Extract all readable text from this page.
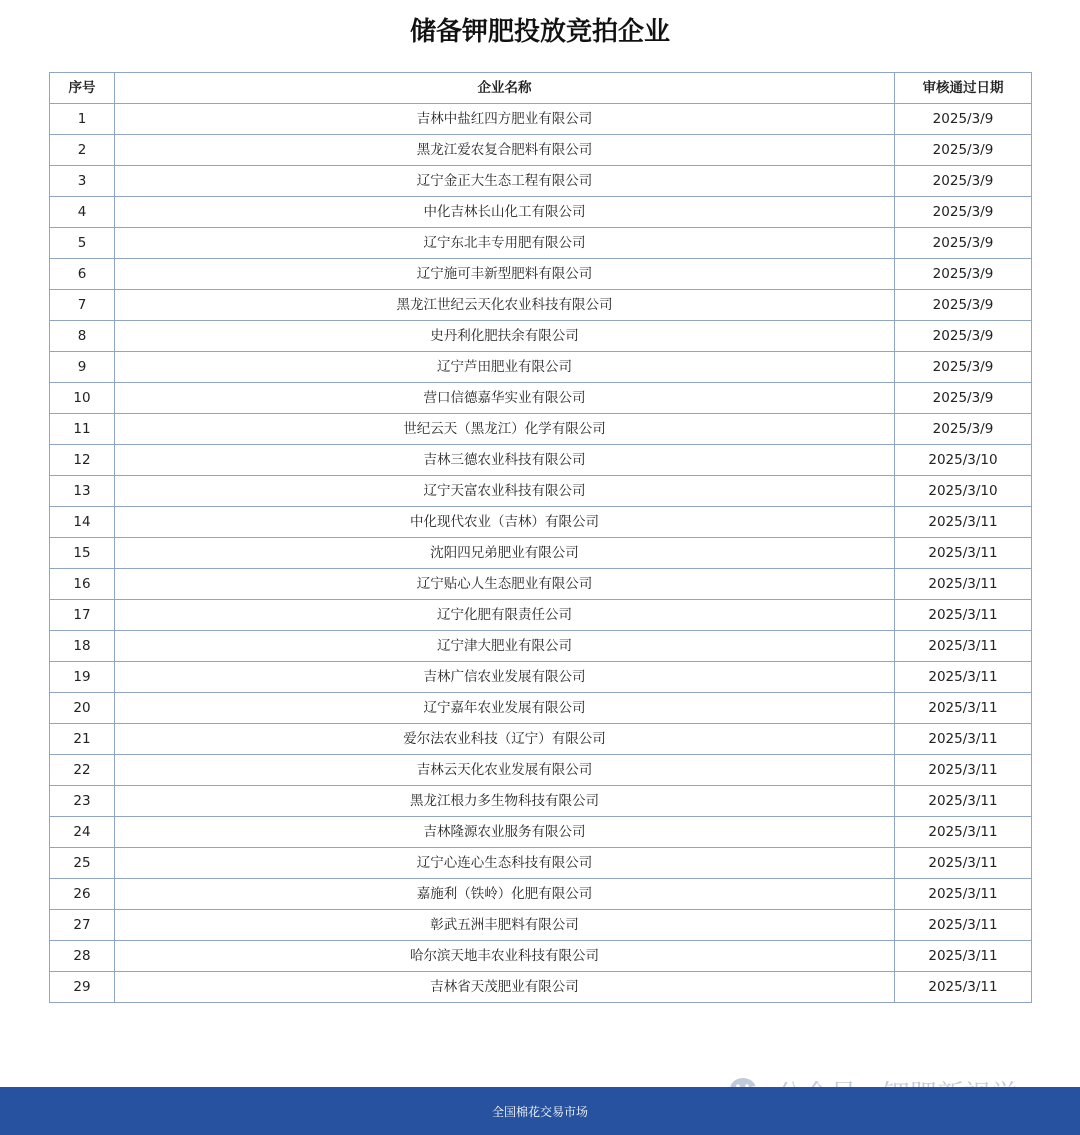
储备钾肥投放竞拍企业
序号	企业名称	审核通过日期
1	吉林中盐红四方肥业有限公司	2025/3/9
2	黑龙江爱农复合肥料有限公司	2025/3/9
3	辽宁金正大生态工程有限公司	2025/3/9
4	中化吉林长山化工有限公司	2025/3/9
5	辽宁东北丰专用肥有限公司	2025/3/9
6	辽宁施可丰新型肥料有限公司	2025/3/9
7	黑龙江世纪云天化农业科技有限公司	2025/3/9
8	史丹利化肥扶余有限公司	2025/3/9
9	辽宁芦田肥业有限公司	2025/3/9
10	营口信德嘉华实业有限公司	2025/3/9
11	世纪云天（黑龙江）化学有限公司	2025/3/9
12	吉林三德农业科技有限公司	2025/3/10
13	辽宁天富农业科技有限公司	2025/3/10
14	中化现代农业（吉林）有限公司	2025/3/11
15	沈阳四兄弟肥业有限公司	2025/3/11
16	辽宁贴心人生态肥业有限公司	2025/3/11
17	辽宁化肥有限责任公司	2025/3/11
18	辽宁津大肥业有限公司	2025/3/11
19	吉林广信农业发展有限公司	2025/3/11
20	辽宁嘉年农业发展有限公司	2025/3/11
21	爱尔法农业科技（辽宁）有限公司	2025/3/11
22	吉林云天化农业发展有限公司	2025/3/11
23	黑龙江根力多生物科技有限公司	2025/3/11
24	吉林隆源农业服务有限公司	2025/3/11
25	辽宁心连心生态科技有限公司	2025/3/11
26	嘉施利（铁岭）化肥有限公司	2025/3/11
27	彰武五洲丰肥料有限公司	2025/3/11
28	哈尔滨天地丰农业科技有限公司	2025/3/11
29	吉林省天茂肥业有限公司	2025/3/11
全国棉花交易市场
